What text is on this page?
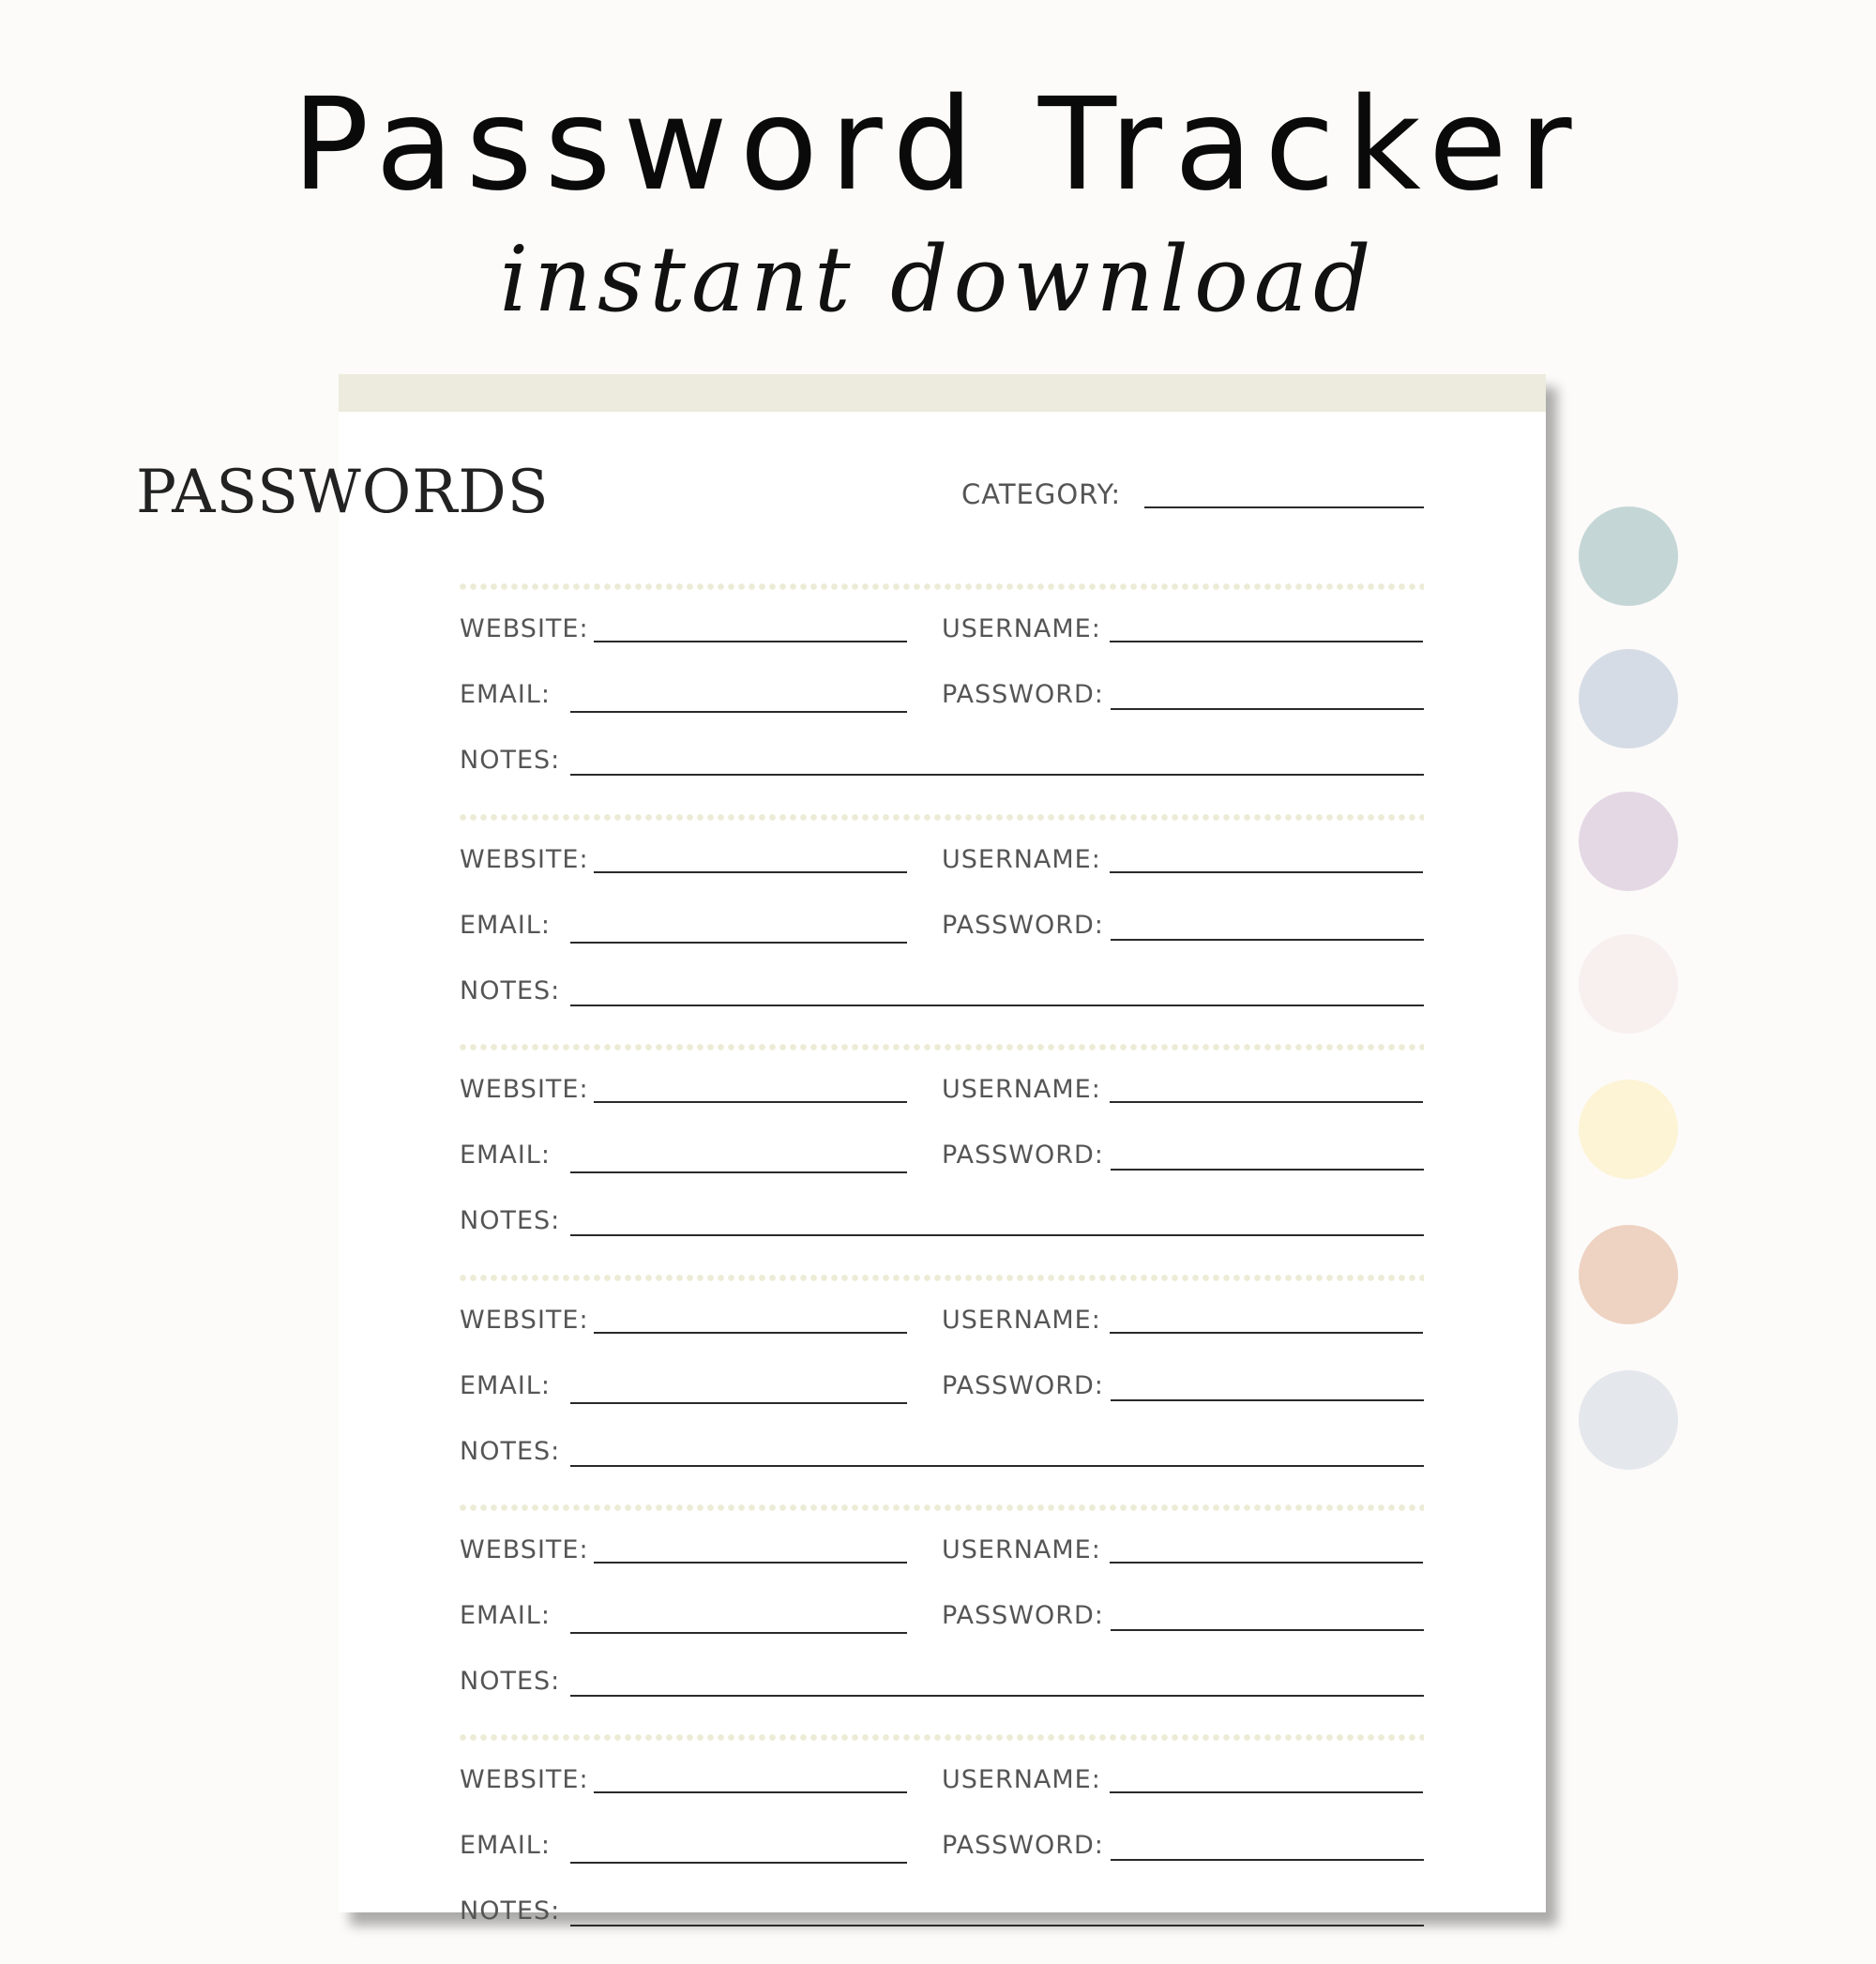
Password Tracker
instant download
PASSWORDS	CATEGORY:
WEBSITE:	USERNAME:
EMAIL:	PASSWORD:
NOTES:
WEBSITE:	USERNAME:
EMAIL:	PASSWORD:
NOTES:
WEBSITE:	USERNAME:
EMAIL:	PASSWORD:
NOTES:
WEBSITE:	USERNAME:
EMAIL:	PASSWORD:
NOTES:
WEBSITE:	USERNAME:
EMAIL:	PASSWORD:
NOTES:
WEBSITE:	USERNAME:
EMAIL:	PASSWORD:
NOTES:
